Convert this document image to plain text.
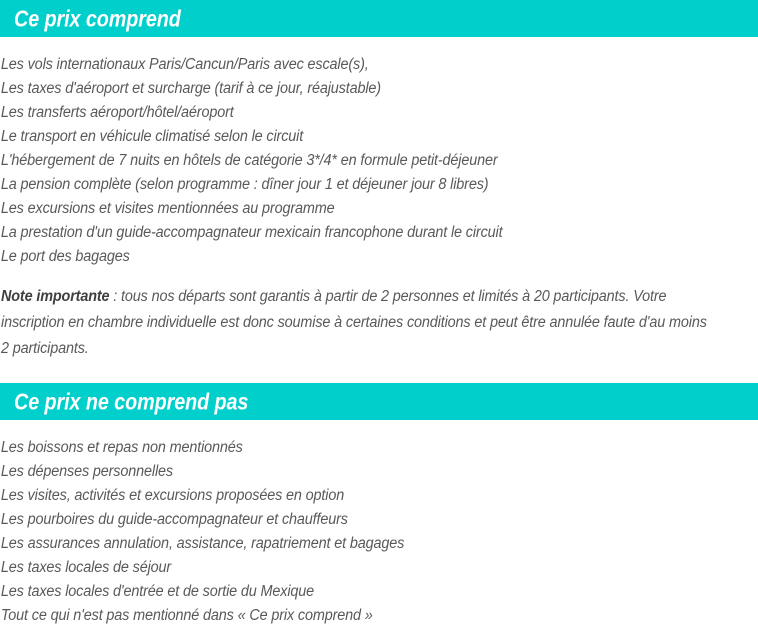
Ce prix comprend
Les vols internationaux Paris/Cancun/Paris avec escale(s),
Les taxes d'aéroport et surcharge (tarif à ce jour, réajustable)
Les transferts aéroport/hôtel/aéroport
Le transport en véhicule climatisé selon le circuit
L'hébergement de 7 nuits en hôtels de catégorie 3*/4* en formule petit-déjeuner
La pension complète (selon programme : dîner jour 1 et déjeuner jour 8 libres)
Les excursions et visites mentionnées au programme
La prestation d'un guide-accompagnateur mexicain francophone durant le circuit
Le port des bagages
Note importante : tous nos départs sont garantis à partir de 2 personnes et limités à 20 participants. Votre inscription en chambre individuelle est donc soumise à certaines conditions et peut être annulée faute d'au moins 2 participants.
Ce prix ne comprend pas
Les boissons et repas non mentionnés
Les dépenses personnelles
Les visites, activités et excursions proposées en option
Les pourboires du guide-accompagnateur et chauffeurs
Les assurances annulation, assistance, rapatriement et bagages
Les taxes locales de séjour
Les taxes locales d'entrée et de sortie du Mexique
Tout ce qui n'est pas mentionné dans « Ce prix comprend »
